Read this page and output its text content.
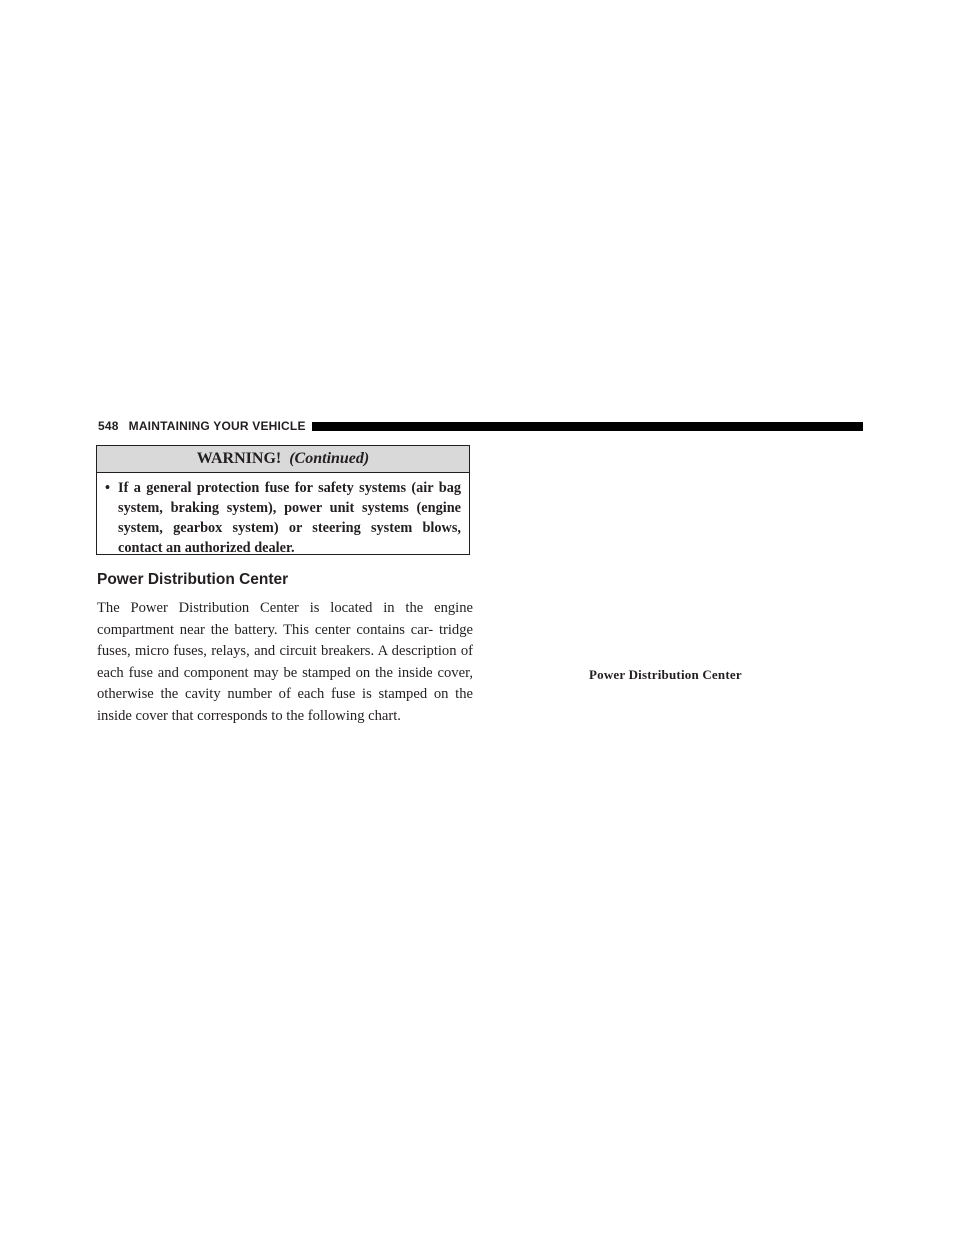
548 MAINTAINING YOUR VEHICLE
WARNING! (Continued)
• If a general protection fuse for safety systems (air bag system, braking system), power unit systems (engine system, gearbox system) or steering system blows, contact an authorized dealer.
Power Distribution Center
The Power Distribution Center is located in the engine compartment near the battery. This center contains car- tridge fuses, micro fuses, relays, and circuit breakers. A description of each fuse and component may be stamped on the inside cover, otherwise the cavity number of each fuse is stamped on the inside cover that corresponds to the following chart.
Power Distribution Center
